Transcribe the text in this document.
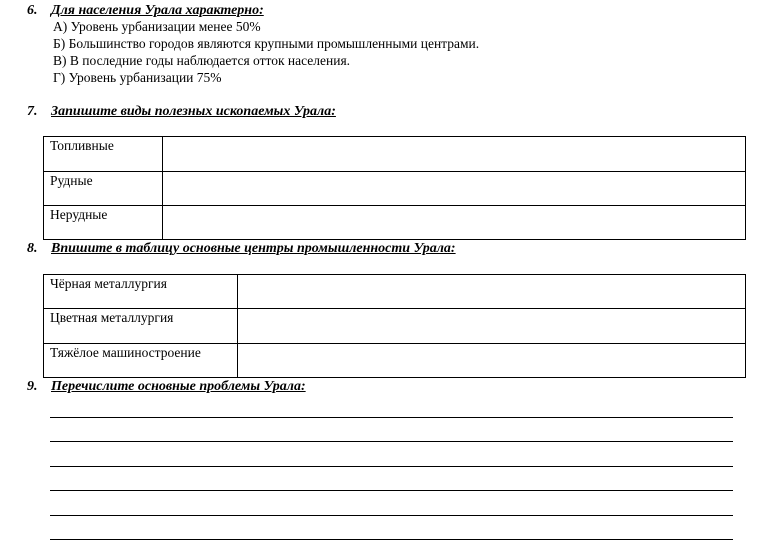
6. Для населения Урала характерно:
А) Уровень урбанизации менее 50%
Б) Большинство городов являются крупными промышленными центрами.
В) В последние годы наблюдается отток населения.
Г) Уровень урбанизации 75%
7. Запишите виды полезных ископаемых Урала:
Топливные	
Рудные	
Нерудные	
8. Впишите в таблицу основные центры промышленности Урала:
Чёрная металлургия	
Цветная металлургия	
Тяжёлое машиностроение	
9. Перечислите основные проблемы Урала:
